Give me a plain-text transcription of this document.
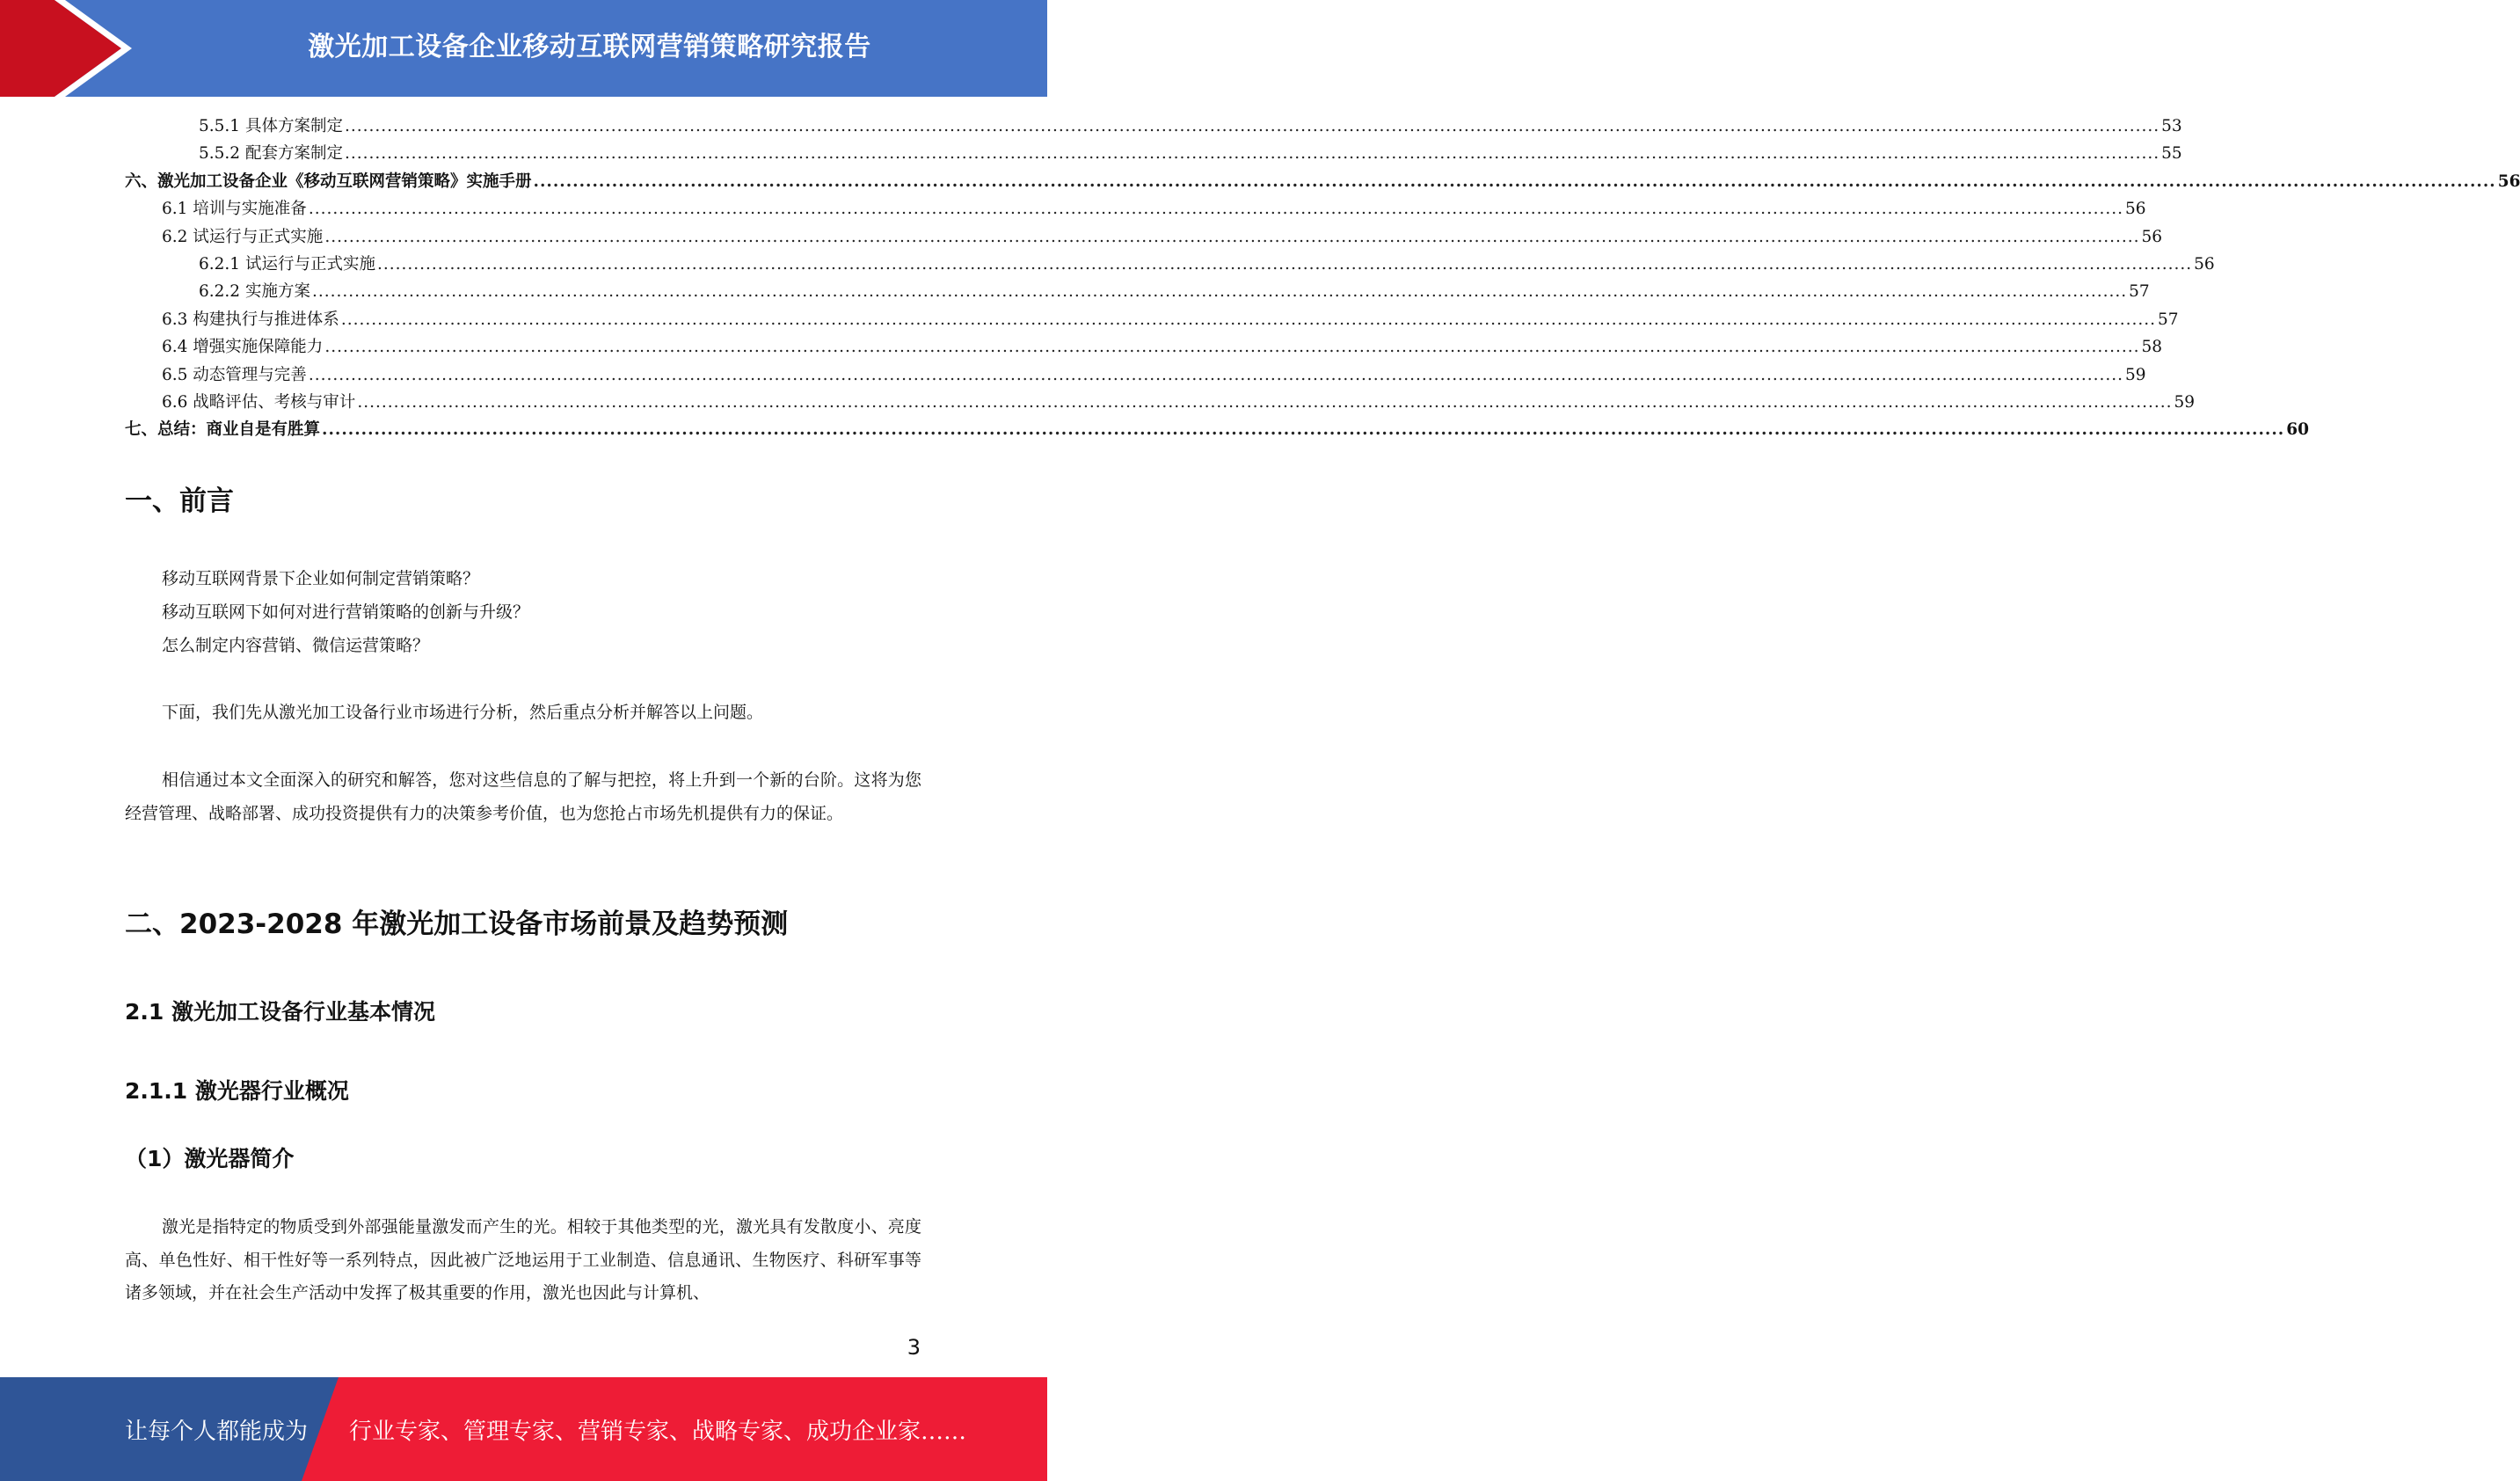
激光加工设备企业移动互联网营销策略研究报告
5.5.1 具体方案制定 ............................................................................................................................................................................................................................................................................................................ 53
5.5.2 配套方案制定 ............................................................................................................................................................................................................................................................................................................ 55
六、激光加工设备企业《移动互联网营销策略》实施手册 ............................................................................................................................................................................................................................................................................................................ 56
6.1 培训与实施准备 ............................................................................................................................................................................................................................................................................................................ 56
6.2 试运行与正式实施 ............................................................................................................................................................................................................................................................................................................ 56
6.2.1 试运行与正式实施 ............................................................................................................................................................................................................................................................................................................ 56
6.2.2 实施方案 ............................................................................................................................................................................................................................................................................................................ 57
6.3 构建执行与推进体系 ............................................................................................................................................................................................................................................................................................................ 57
6.4 增强实施保障能力 ............................................................................................................................................................................................................................................................................................................ 58
6.5 动态管理与完善 ............................................................................................................................................................................................................................................................................................................ 59
6.6 战略评估、考核与审计 ............................................................................................................................................................................................................................................................................................................ 59
七、总结：商业自是有胜算 ............................................................................................................................................................................................................................................................................................................ 60
一、前言
移动互联网背景下企业如何制定营销策略？
移动互联网下如何对进行营销策略的创新与升级？
怎么制定内容营销、微信运营策略？
下面，我们先从激光加工设备行业市场进行分析，然后重点分析并解答以上问题。
相信通过本文全面深入的研究和解答，您对这些信息的了解与把控，将上升到一个新的台阶。这将为您经营管理、战略部署、成功投资提供有力的决策参考价值，也为您抢占市场先机提供有力的保证。
二、2023-2028 年激光加工设备市场前景及趋势预测
2.1 激光加工设备行业基本情况
2.1.1 激光器行业概况
（1）激光器简介
激光是指特定的物质受到外部强能量激发而产生的光。相较于其他类型的光，激光具有发散度小、亮度高、单色性好、相干性好等一系列特点，因此被广泛地运用于工业制造、信息通讯、生物医疗、科研军事等诸多领域，并在社会生产活动中发挥了极其重要的作用，激光也因此与计算机、
3
让每个人都能成为 行业专家、管理专家、营销专家、战略专家、成功企业家……
